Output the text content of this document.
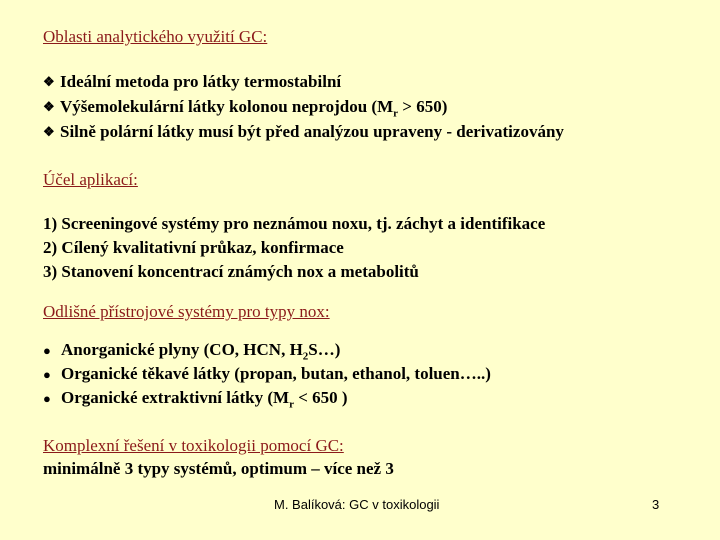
Oblasti analytického využití GC:
❖ Ideální metoda pro látky termostabilní
❖ Výšemolekulární látky kolonou neprojdou $(M_r > 650)$
❖ Silně polární látky musí být před analýzou upraveny - derivatizovány
Účel aplikací:
1) Screeningové systémy pro neznámou noxu, tj. záchyt a identifikace
2) Cílený kvalitativní průkaz, konfirmace
3) Stanovení koncentrací známých nox a metabolitů
Odlišné přístrojové systémy pro typy nox:
● Anorganické plyny (CO, HCN, $H_2S\dots$)
● Organické těkavé látky (propan, butan, ethanol, toluen…..)
● Organické extraktivní látky ($M_r < 650$ )
Komplexní řešení v toxikologii pomocí GC:
minimálně 3 typy systémů, optimum – více než 3
M. Balíková: GC v toxikologii	3
